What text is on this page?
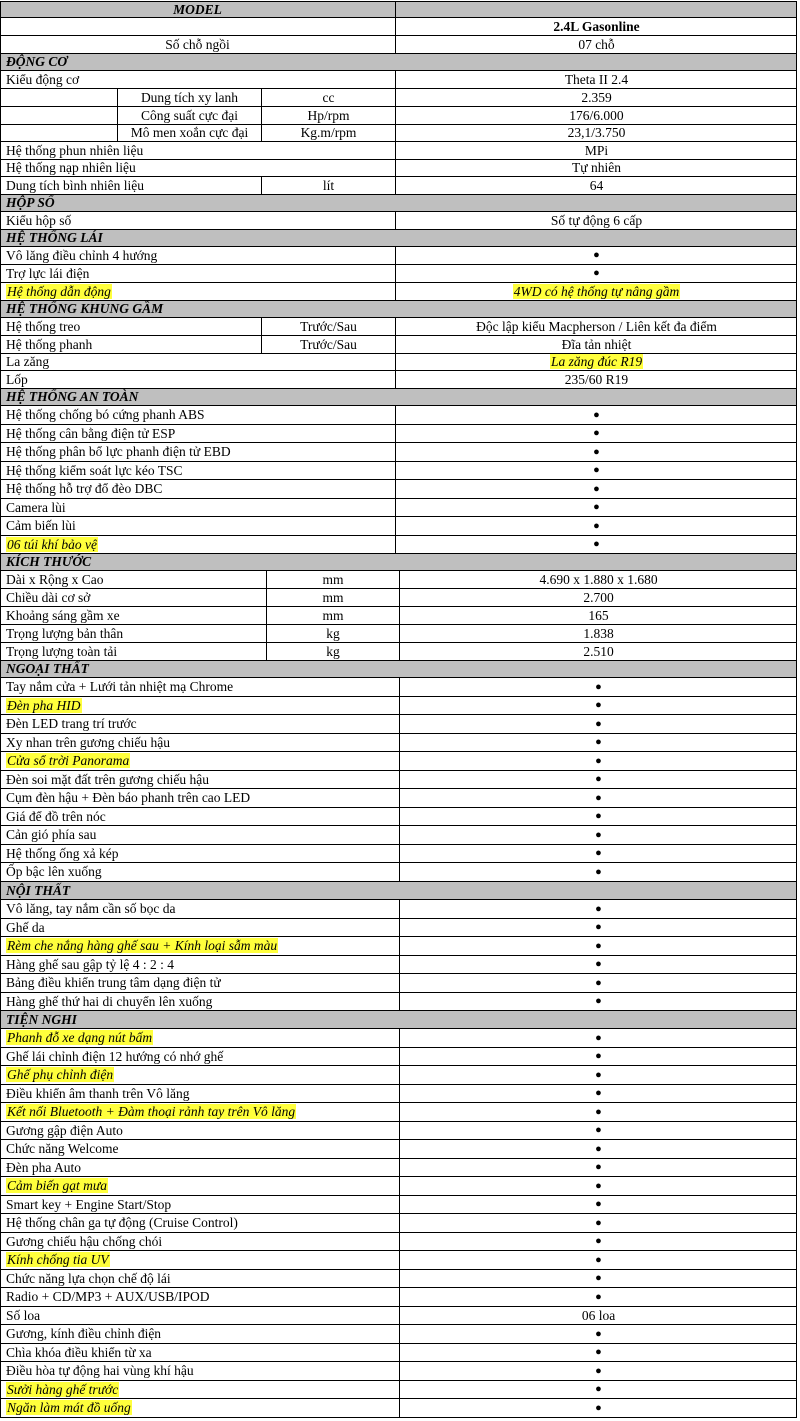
MODEL
2.4L Gasonline
Số chỗ ngồi	07 chỗ
ĐỘNG CƠ
Kiểu động cơ	Theta II 2.4
Dung tích xy lanh	cc	2.359
Công suất cực đại	Hp/rpm	176/6.000
Mô men xoắn cực đại	Kg.m/rpm	23,1/3.750
Hệ thống phun nhiên liệu	MPi
Hệ thống nạp nhiên liệu	Tự nhiên
Dung tích bình nhiên liệu	lít	64
HỘP SỐ
Kiểu hộp số	Số tự động 6 cấp
HỆ THỐNG LÁI
Vô lăng điều chỉnh 4 hướng	●
Trợ lực lái điện	●
Hệ thống dẫn động	4WD có hệ thống tự nâng gầm
HỆ THỐNG KHUNG GẦM
Hệ thống treo	Trước/Sau	Độc lập kiểu Macpherson / Liên kết đa điểm
Hệ thống phanh	Trước/Sau	Đĩa tản nhiệt
La zăng	La zăng đúc R19
Lốp	235/60 R19
HỆ THỐNG AN TOÀN
Hệ thống chống bó cứng phanh ABS	●
Hệ thống cân bằng điện tử ESP	●
Hệ thống phân bổ lực phanh điện tử EBD	●
Hệ thống kiểm soát lực kéo TSC	●
Hệ thống hỗ trợ đổ đèo DBC	●
Camera lùi	●
Cảm biến lùi	●
06 túi khí bảo vệ	●
KÍCH THƯỚC
Dài x Rộng x Cao	mm	4.690 x 1.880 x 1.680
Chiều dài cơ sở	mm	2.700
Khoảng sáng gầm xe	mm	165
Trọng lượng bản thân	kg	1.838
Trọng lượng toàn tải	kg	2.510
NGOẠI THẤT
Tay nắm cửa + Lưới tản nhiệt mạ Chrome	●
Đèn pha HID	●
Đèn LED trang trí trước	●
Xy nhan trên gương chiếu hậu	●
Cửa sổ trời Panorama	●
Đèn soi mặt đất trên gương chiếu hậu	●
Cụm đèn hậu + Đèn báo phanh trên cao LED	●
Giá để đồ trên nóc	●
Cản gió phía sau	●
Hệ thống ống xả kép	●
Ốp bậc lên xuống	●
NỘI THẤT
Vô lăng, tay nắm cần số bọc da	●
Ghế da	●
Rèm che nắng hàng ghế sau + Kính loại sẫm màu	●
Hàng ghế sau gập tỷ lệ 4 : 2 : 4	●
Bảng điều khiển trung tâm dạng điện tử	●
Hàng ghế thứ hai di chuyển lên xuống	●
TIỆN NGHI
Phanh đỗ xe dạng nút bấm	●
Ghế lái chỉnh điện 12 hướng có nhớ ghế	●
Ghế phụ chỉnh điện	●
Điều khiển âm thanh trên Vô lăng	●
Kết nối Bluetooth + Đàm thoại rảnh tay trên Vô lăng	●
Gương gập điện Auto	●
Chức năng Welcome	●
Đèn pha Auto	●
Cảm biến gạt mưa	●
Smart key + Engine Start/Stop	●
Hệ thống chân ga tự động (Cruise Control)	●
Gương chiếu hậu chống chói	●
Kính chống tia UV	●
Chức năng lựa chọn chế độ lái	●
Radio + CD/MP3 + AUX/USB/IPOD	●
Số loa	06 loa
Gương, kính điều chỉnh điện	●
Chìa khóa điều khiển từ xa	●
Điều hòa tự động hai vùng khí hậu	●
Sưởi hàng ghế trước	●
Ngăn làm mát đồ uống	●
